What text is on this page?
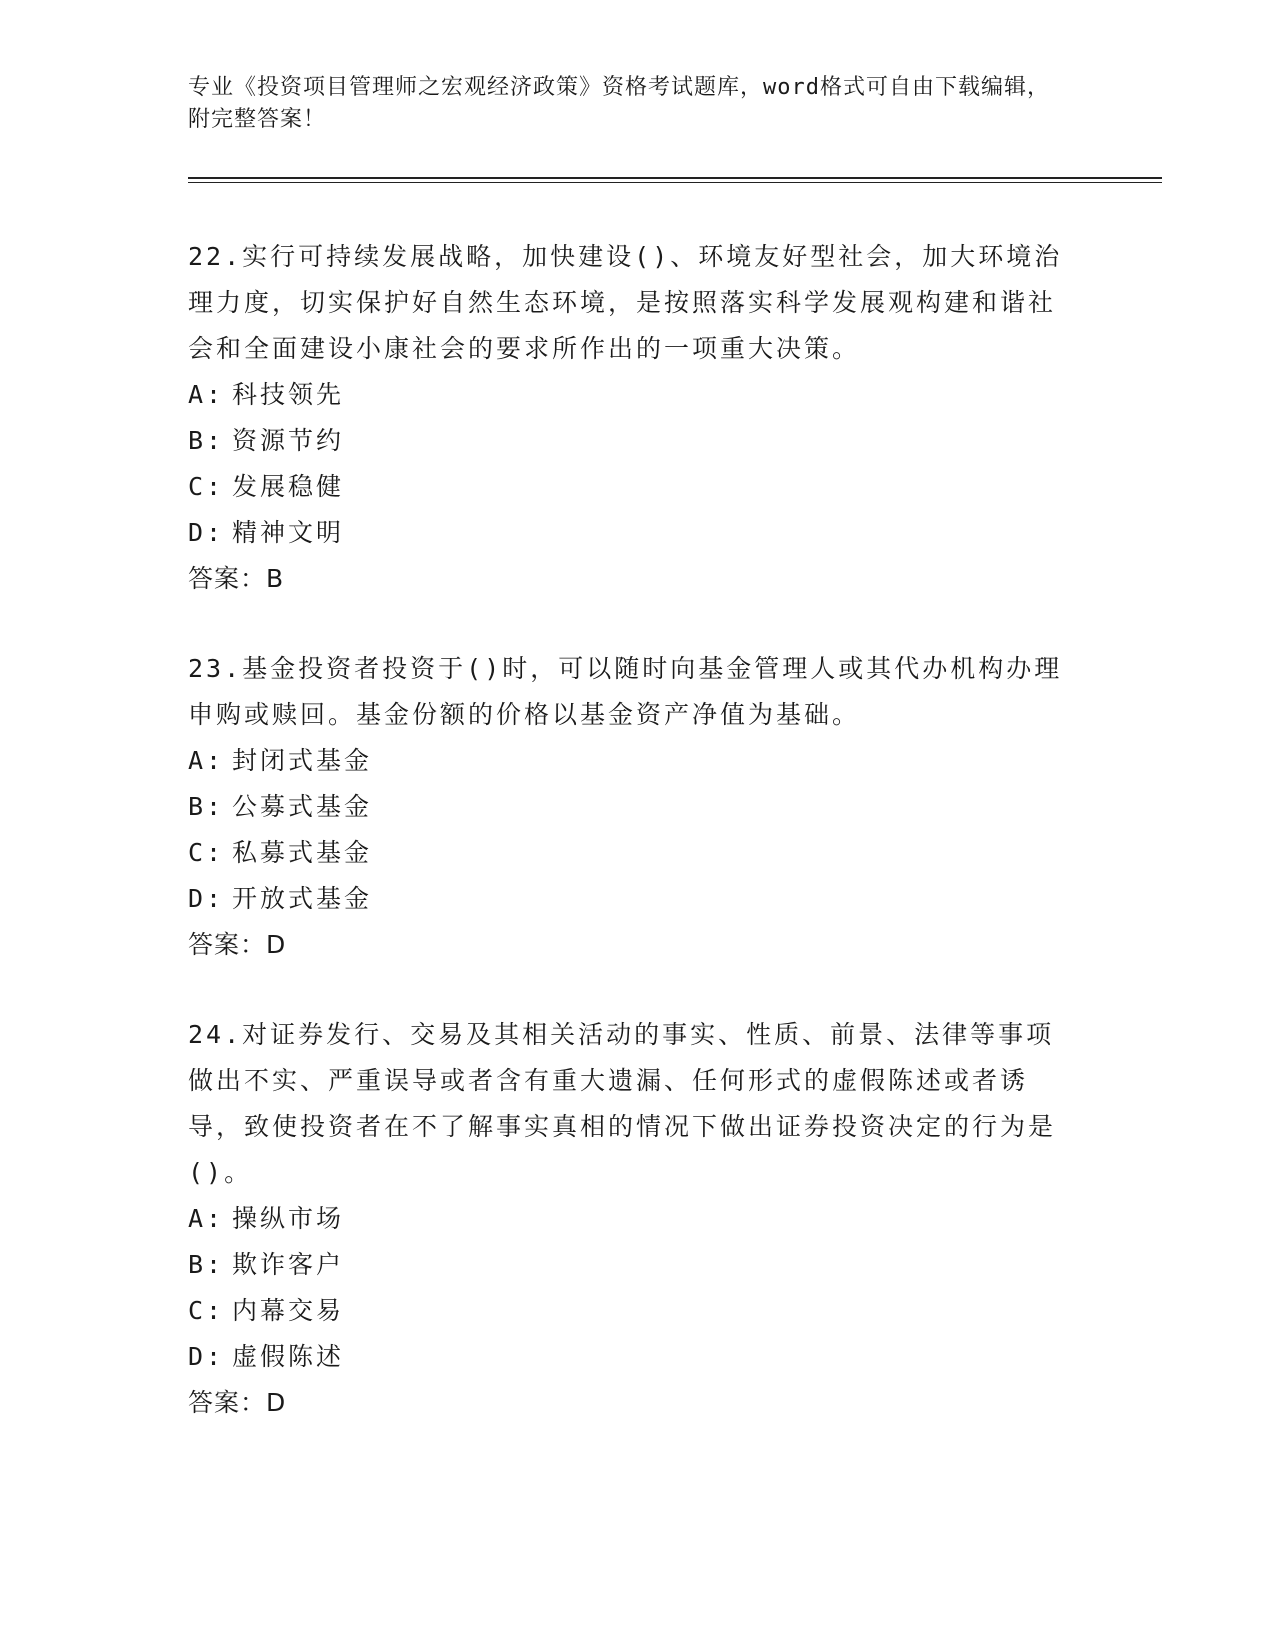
专业《投资项目管理师之宏观经济政策》资格考试题库，word格式可自由下载编辑，附完整答案！

22.实行可持续发展战略，加快建设()、环境友好型社会，加大环境治理力度，切实保护好自然生态环境，是按照落实科学发展观构建和谐社会和全面建设小康社会的要求所作出的一项重大决策。

A: 科技领先
B: 资源节约
C: 发展稳健
D: 精神文明
答案：B

23.基金投资者投资于()时，可以随时向基金管理人或其代办机构办理申购或赎回。基金份额的价格以基金资产净值为基础。

A: 封闭式基金
B: 公募式基金
C: 私募式基金
D: 开放式基金
答案：D

24.对证券发行、交易及其相关活动的事实、性质、前景、法律等事项做出不实、严重误导或者含有重大遗漏、任何形式的虚假陈述或者诱导，致使投资者在不了解事实真相的情况下做出证券投资决定的行为是()。

A: 操纵市场
B: 欺诈客户
C: 内幕交易
D: 虚假陈述
答案：D
